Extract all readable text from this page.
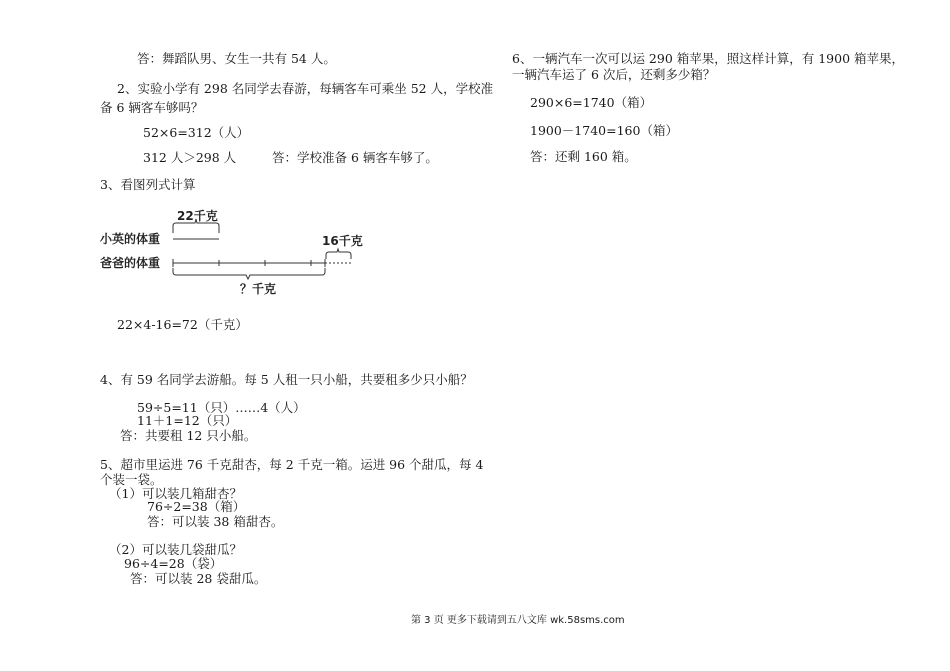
答：舞蹈队男、女生一共有 54 人。
2、实验小学有 298 名同学去春游，每辆客车可乘坐 52 人，学校准
备 6 辆客车够吗？
52×6=312（人）
312 人＞298 人	答：学校准备 6 辆客车够了。
3、看图列式计算
22千克
16千克
小英的体重
爸爸的体重
？千克
22×4-16=72（千克）
4、有 59 名同学去游船。每 5 人租一只小船，共要租多少只小船？
59÷5=11（只）……4（人）
11＋1=12（只）
答：共要租 12 只小船。
5、超市里运进 76 千克甜杏，每 2 千克一箱。运进 96 个甜瓜，每 4
个装一袋。
（1）可以装几箱甜杏？
76÷2=38（箱）
答：可以装 38 箱甜杏。
（2）可以装几袋甜瓜？
96÷4=28（袋）
答：可以装 28 袋甜瓜。
6、一辆汽车一次可以运 290 箱苹果，照这样计算，有 1900 箱苹果，
一辆汽车运了 6 次后，还剩多少箱？
290×6=1740（箱）
1900－1740=160（箱）
答：还剩 160 箱。
第 3 页 更多下载请到五八文库 wk.58sms.com
